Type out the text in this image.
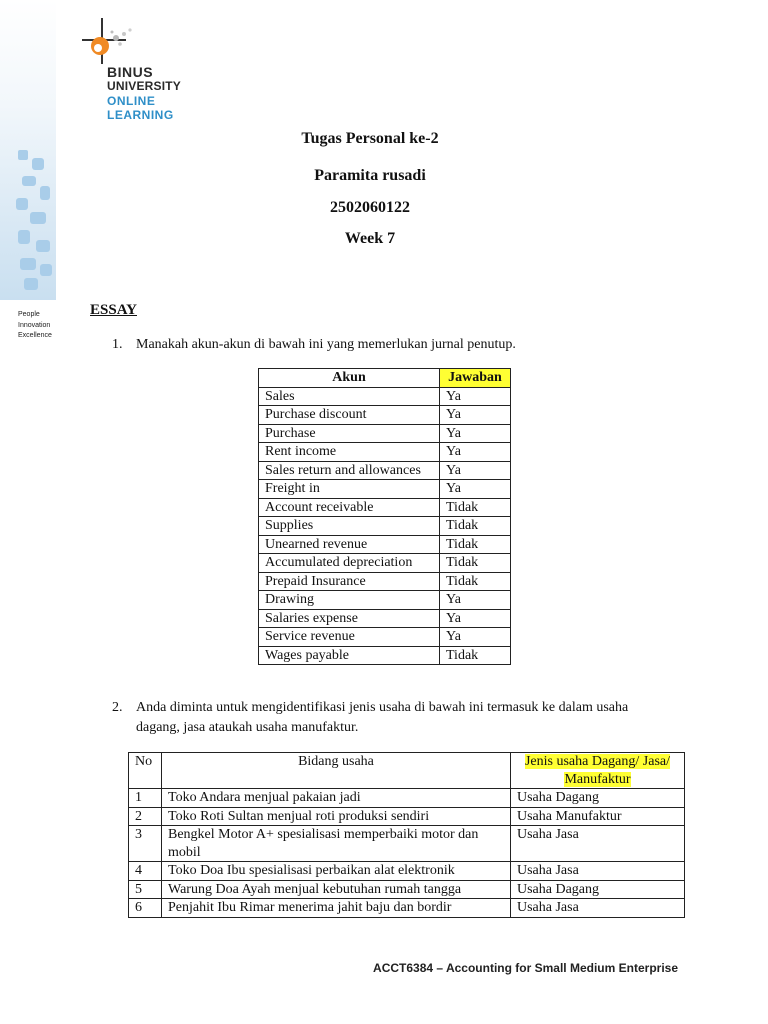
People
Innovation
Excellence
BINUS
UNIVERSITY
ONLINE
LEARNING
Tugas Personal ke-2
Paramita rusadi
2502060122
Week 7
ESSAY
1. Manakah akun-akun di bawah ini yang memerlukan jurnal penutup.
Akun	Jawaban
Sales	Ya
Purchase discount	Ya
Purchase	Ya
Rent income	Ya
Sales return and allowances	Ya
Freight in	Ya
Account receivable	Tidak
Supplies	Tidak
Unearned revenue	Tidak
Accumulated depreciation	Tidak
Prepaid Insurance	Tidak
Drawing	Ya
Salaries expense	Ya
Service revenue	Ya
Wages payable	Tidak
2. Anda diminta untuk mengidentifikasi jenis usaha di bawah ini termasuk ke dalam usaha
dagang, jasa ataukah usaha manufaktur.
No	Bidang usaha	Jenis usaha Dagang/ Jasa/
Manufaktur
1	Toko Andara menjual pakaian jadi	Usaha Dagang
2	Toko Roti Sultan menjual roti produksi sendiri	Usaha Manufaktur
3	Bengkel Motor A+ spesialisasi memperbaiki motor dan mobil	Usaha Jasa
4	Toko Doa Ibu spesialisasi perbaikan alat elektronik	Usaha Jasa
5	Warung Doa Ayah menjual kebutuhan rumah tangga	Usaha Dagang
6	Penjahit Ibu Rimar menerima jahit baju dan bordir	Usaha Jasa
ACCT6384 – Accounting for Small Medium Enterprise
